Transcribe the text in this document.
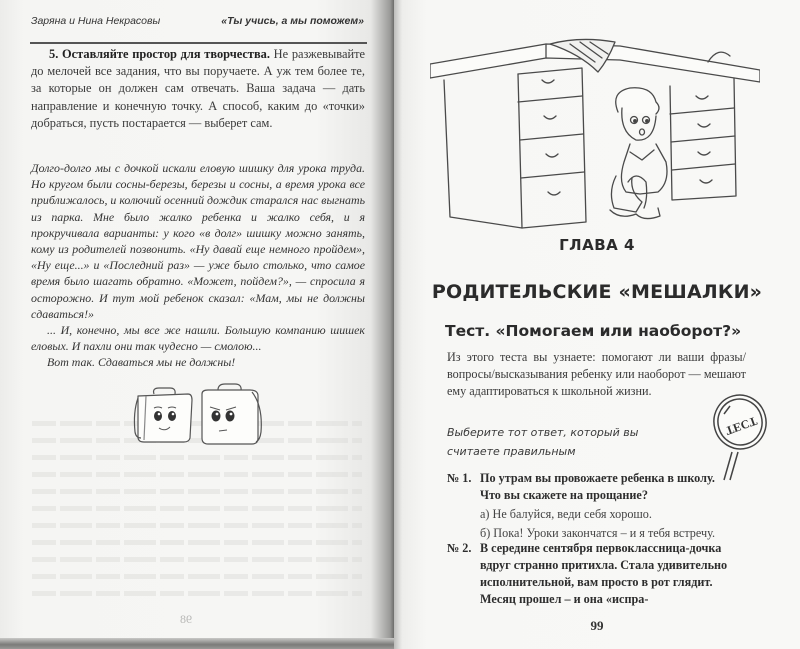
Заряна и Нина Некрасовы	«Ты учись, а мы поможем»
5. Оставляйте простор для творчества. Не разжевывайте до мелочей все задания, что вы поручаете. А уж тем более те, за которые он должен сам отвечать. Ваша задача — дать направление и конечную точку. А способ, каким до «точки» добраться, пусть постарается — выберет сам.

Долго-долго мы с дочкой искали еловую шишку для урока труда. Но кругом были сосны-березы, березы и сосны, а время урока все приближалось, и колючий осенний дождик старался нас выгнать из парка. Мне было жалко ребенка и жалко себя, и я прокручивала варианты: у кого «в долг» шишку можно занять, кому из родителей позвонить. «Ну давай еще немного пройдем», «Ну еще...» и «Последний раз» — уже было столько, что самое время было шагать обратно. «Может, пойдем?», — спросила я осторожно. И тут мой ребенок сказал: «Мам, мы не должны сдаваться!»

... И, конечно, мы все же нашли. Большую компанию шишек еловых. И пахли они так чудесно — смолою...

Вот так. Сдаваться мы не должны!

98
ГЛАВА 4
РОДИТЕЛЬСКИЕ «МЕШАЛКИ»
Тест. «Помогаем или наоборот?»
Из этого теста вы узнаете: помогают ли ваши фразы/вопросы/высказывания ребенку или наоборот — мешают ему адаптироваться к школьной жизни.
Выберите тот ответ, который вы считаете правильным
ТЕСТ
№ 1. По утрам вы провожаете ребенка в школу. Что вы скажете на прощание?
а) Не балуйся, веди себя хорошо.
б) Пока! Уроки закончатся – и я тебя встречу.
№ 2. В середине сентября первоклассница-дочка вдруг странно притихла. Стала удивительно исполнительной, вам просто в рот глядит. Месяц прошел – и она «испра-
99
